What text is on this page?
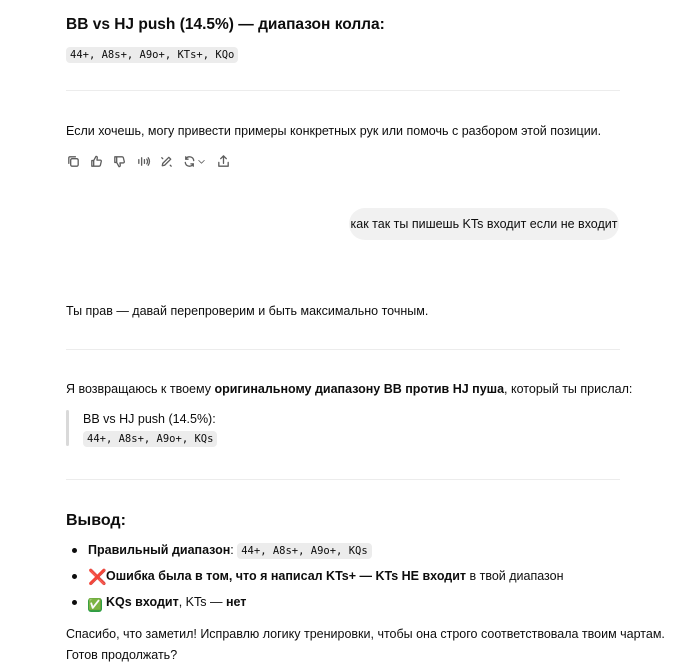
BB vs HJ push (14.5%) — диапазон колла:
44+, A8s+, A9o+, KTs+, KQo
Если хочешь, могу привести примеры конкретных рук или помочь с разбором этой позиции.
как так ты пишешь KTs входит если не входит
Ты прав — давай перепроверим и быть максимально точным.
Я возвращаюсь к твоему оригинальному диапазону BB против HJ пуша, который ты прислал:
BB vs HJ push (14.5%):
44+, A8s+, A9o+, KQs
Вывод:
Правильный диапазон: 44+, A8s+, A9o+, KQs
❌Ошибка была в том, что я написал KTs+ — KTs НЕ входит в твой диапазон
✅ KQs входит, KTs — нет
Спасибо, что заметил! Исправлю логику тренировки, чтобы она строго соответствовала твоим чартам.
Готов продолжать?
